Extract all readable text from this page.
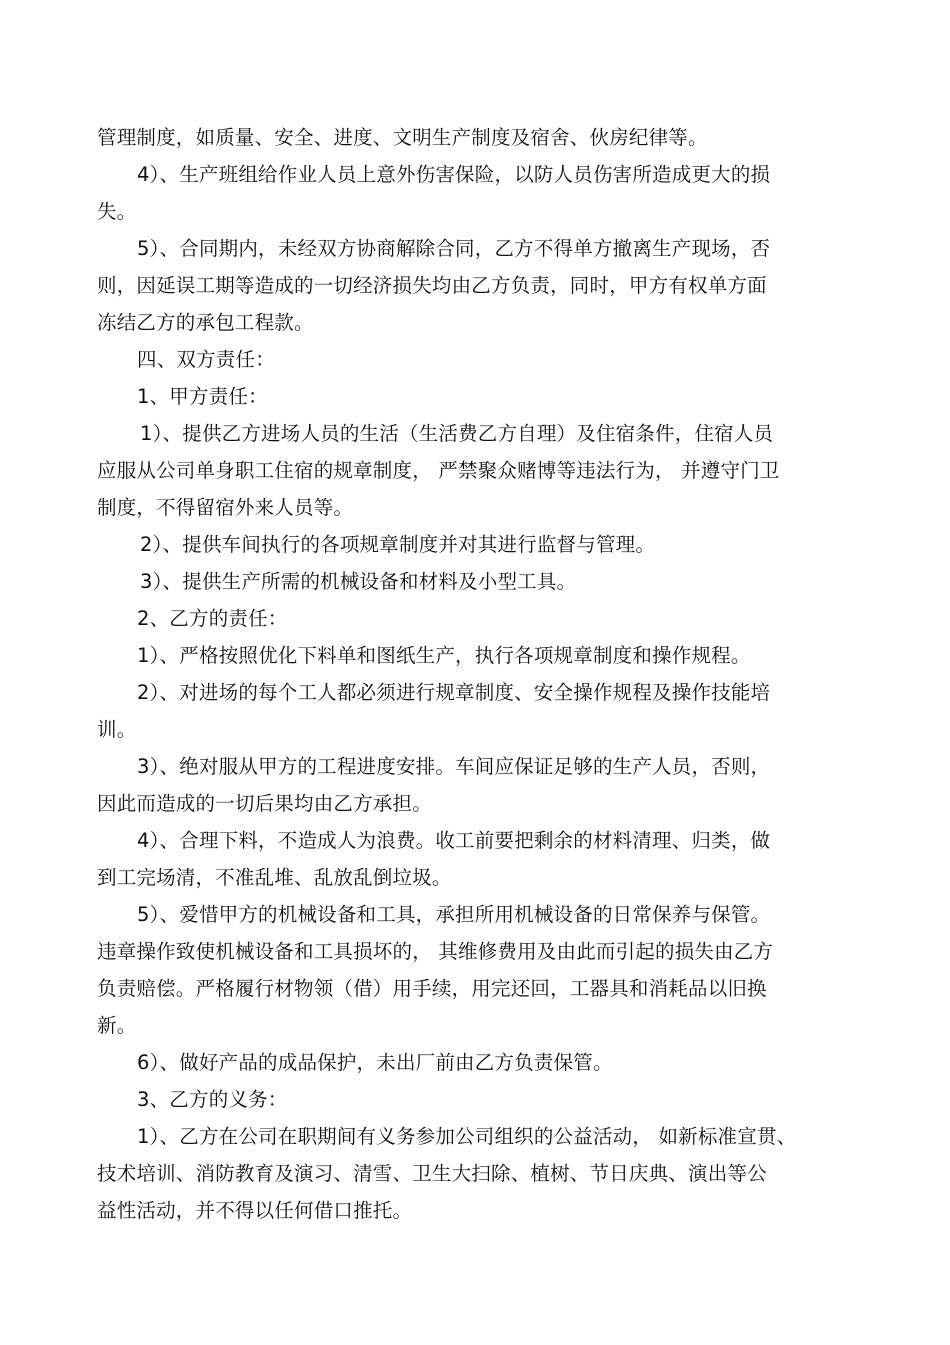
管理制度，如质量、安全、进度、文明生产制度及宿舍、伙房纪律等。
4）、生产班组给作业人员上意外伤害保险，以防人员伤害所造成更大的损
失。
5）、合同期内，未经双方协商解除合同，乙方不得单方撤离生产现场，否
则，因延误工期等造成的一切经济损失均由乙方负责，同时，甲方有权单方面
冻结乙方的承包工程款。
四、双方责任：
1、甲方责任：
1）、提供乙方进场人员的生活（生活费乙方自理）及住宿条件，住宿人员
应服从公司单身职工住宿的规章制度， 严禁聚众赌博等违法行为， 并遵守门卫
制度，不得留宿外来人员等。
2）、提供车间执行的各项规章制度并对其进行监督与管理。
3）、提供生产所需的机械设备和材料及小型工具。
2、乙方的责任：
1）、严格按照优化下料单和图纸生产，执行各项规章制度和操作规程。
2）、对进场的每个工人都必须进行规章制度、安全操作规程及操作技能培
训。
3）、绝对服从甲方的工程进度安排。车间应保证足够的生产人员，否则，
因此而造成的一切后果均由乙方承担。
4）、合理下料，不造成人为浪费。收工前要把剩余的材料清理、归类，做
到工完场清，不准乱堆、乱放乱倒垃圾。
5）、爱惜甲方的机械设备和工具，承担所用机械设备的日常保养与保管。
违章操作致使机械设备和工具损坏的， 其维修费用及由此而引起的损失由乙方
负责赔偿。严格履行材物领（借）用手续，用完还回，工器具和消耗品以旧换
新。
6）、做好产品的成品保护，未出厂前由乙方负责保管。
3、乙方的义务：
1）、乙方在公司在职期间有义务参加公司组织的公益活动， 如新标准宣贯、
技术培训、消防教育及演习、清雪、卫生大扫除、植树、节日庆典、演出等公
益性活动，并不得以任何借口推托。
